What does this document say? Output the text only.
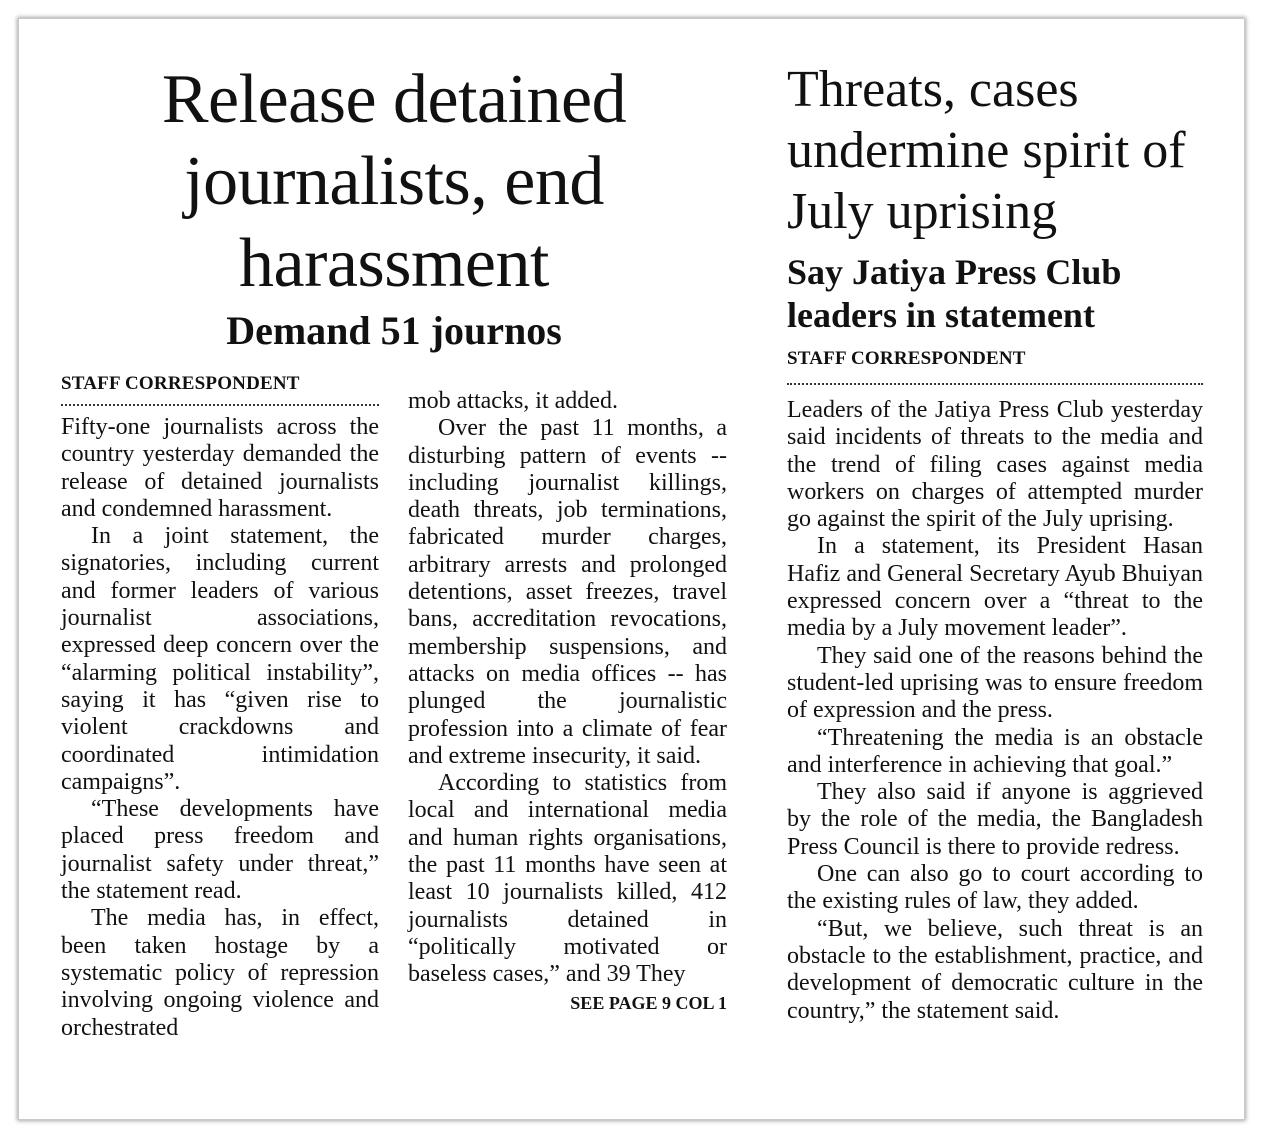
Release detained journalists, end harassment
Demand 51 journos
STAFF CORRESPONDENT

Fifty-one journalists across the country yesterday demanded the release of detained journalists and condemned harassment.

In a joint statement, the signatories, including current and former leaders of various journalist associations, expressed deep concern over the “alarming political instability”, saying it has “given rise to violent crackdowns and coordinated intimidation campaigns”.

“These developments have placed press freedom and journalist safety under threat,” the statement read.

The media has, in effect, been taken hostage by a systematic policy of repression involving ongoing violence and orchestrated

mob attacks, it added.

Over the past 11 months, a disturbing pattern of events -- including journalist killings, death threats, job terminations, fabricated murder charges, arbitrary arrests and prolonged detentions, asset freezes, travel bans, accreditation revocations, membership suspensions, and attacks on media offices -- has plunged the journalistic profession into a climate of fear and extreme insecurity, it said.

According to statistics from local and international media and human rights organisations, the past 11 months have seen at least 10 journalists killed, 412 journalists detained in “politically motivated or baseless cases,” and 39 They

SEE PAGE 9 COL 1
Threats, cases undermine spirit of July uprising
Say Jatiya Press Club leaders in statement
STAFF CORRESPONDENT

Leaders of the Jatiya Press Club yesterday said incidents of threats to the media and the trend of filing cases against media workers on charges of attempted murder go against the spirit of the July uprising.

In a statement, its President Hasan Hafiz and General Secretary Ayub Bhuiyan expressed concern over a “threat to the media by a July movement leader”.

They said one of the reasons behind the student-led uprising was to ensure freedom of expression and the press.

“Threatening the media is an obstacle and interference in achieving that goal.”

They also said if anyone is aggrieved by the role of the media, the Bangladesh Press Council is there to provide redress.

One can also go to court according to the existing rules of law, they added.

“But, we believe, such threat is an obstacle to the establishment, practice, and development of democratic culture in the country,” the statement said.
